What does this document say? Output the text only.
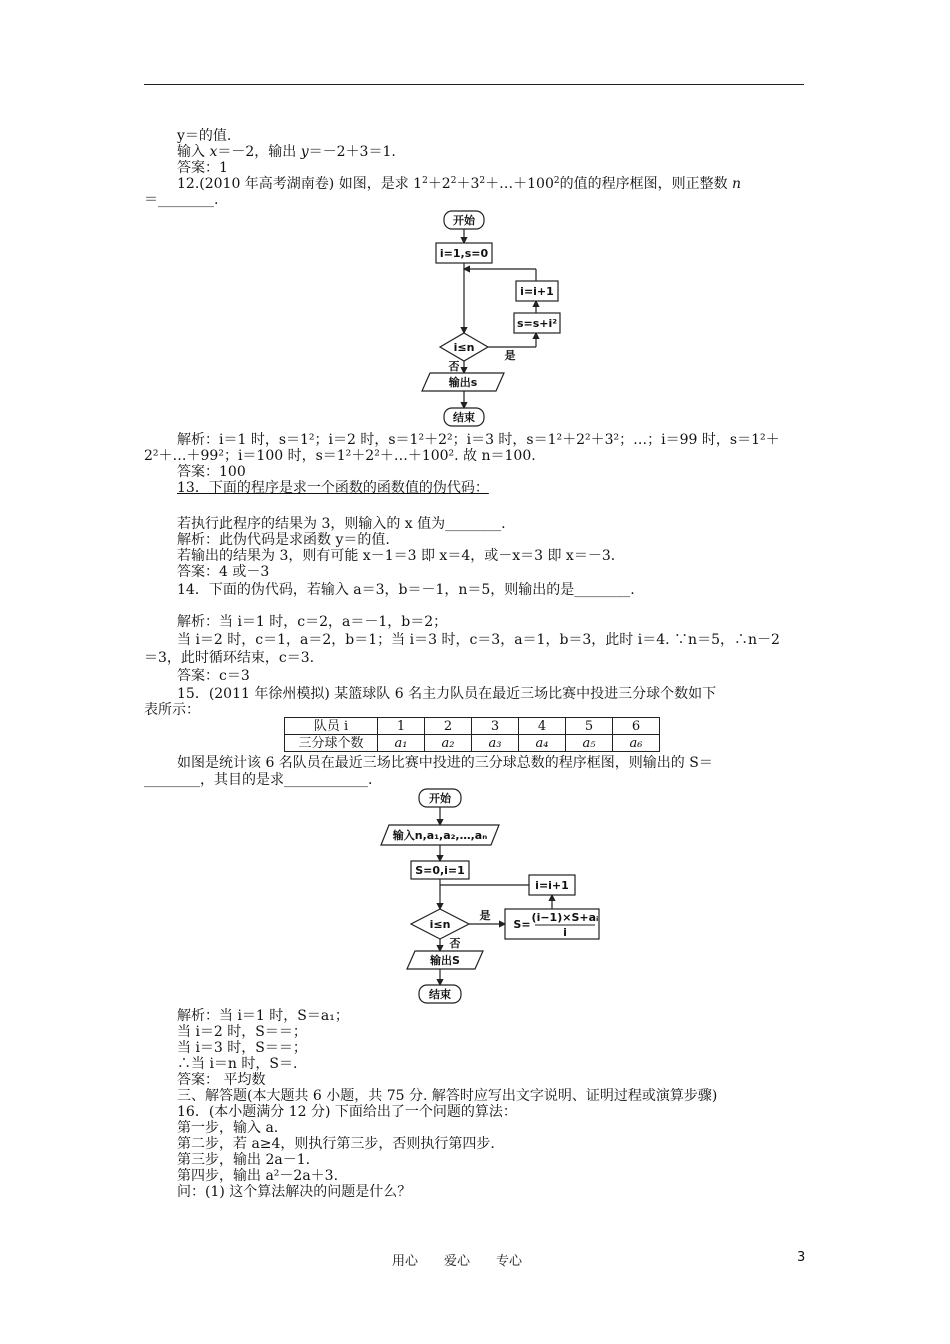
y＝的值.
输入 x＝－2，输出 y＝－2＋3＝1.
答案：1
12.(2010 年高考湖南卷) 如图，是求 $1^2+2^2+3^2+\dots+100^2$的值的程序框图，则正整数 n
＝________.
开始
i=1,s=0
i=i+1
s=s+i²
i≤n
是
否
输出s
结束
解析：i＝1 时，s＝1²；i＝2 时，s＝1²＋2²；i＝3 时，s＝1²＋2²＋3²；…；i＝99 时，s＝1²＋
2²＋…＋99²；i＝100 时，s＝1²＋2²＋…＋100². 故 n＝100.
答案：100
13．下面的程序是求一个函数的函数值的伪代码：
若执行此程序的结果为 3，则输入的 x 值为________.
解析：此伪代码是求函数 y＝的值.
若输出的结果为 3，则有可能 x－1＝3 即 x＝4，或－x＝3 即 x＝－3.
答案：4 或－3
14．下面的伪代码，若输入 a＝3，b＝－1，n＝5，则输出的是________.
解析：当 i＝1 时，c＝2，a＝－1，b＝2；
当 i＝2 时，c＝1，a＝2，b＝1；当 i＝3 时，c＝3，a＝1，b＝3，此时 i＝4. ∵n＝5，∴n－2
＝3，此时循环结束，c＝3.
答案：c＝3
15．(2011 年徐州模拟) 某篮球队 6 名主力队员在最近三场比赛中投进三分球个数如下
表所示：
队员 i	1	2	3	4	5	6
三分球个数	a₁	a₂	a₃	a₄	a₅	a₆
如图是统计该 6 名队员在最近三场比赛中投进的三分球总数的程序框图，则输出的 S＝
________，其目的是求____________.
开始
输入n,a₁,a₂,…,aₙ
S=0,i=1
i=i+1
i≤n
是
否
S=
(i−1)×S+aᵢ
i
输出S
结束
解析：当 i＝1 时，S＝a₁；
当 i＝2 时，S＝＝；
当 i＝3 时，S＝＝；
∴当 i＝n 时，S＝.
答案： 平均数
三、解答题(本大题共 6 小题，共 75 分. 解答时应写出文字说明、证明过程或演算步骤)
16．(本小题满分 12 分) 下面给出了一个问题的算法：
第一步，输入 a.
第二步，若 a≥4，则执行第三步，否则执行第四步.
第三步，输出 2a－1.
第四步，输出 a²－2a＋3.
问：(1) 这个算法解决的问题是什么？
用心　　爱心　　专心	3
